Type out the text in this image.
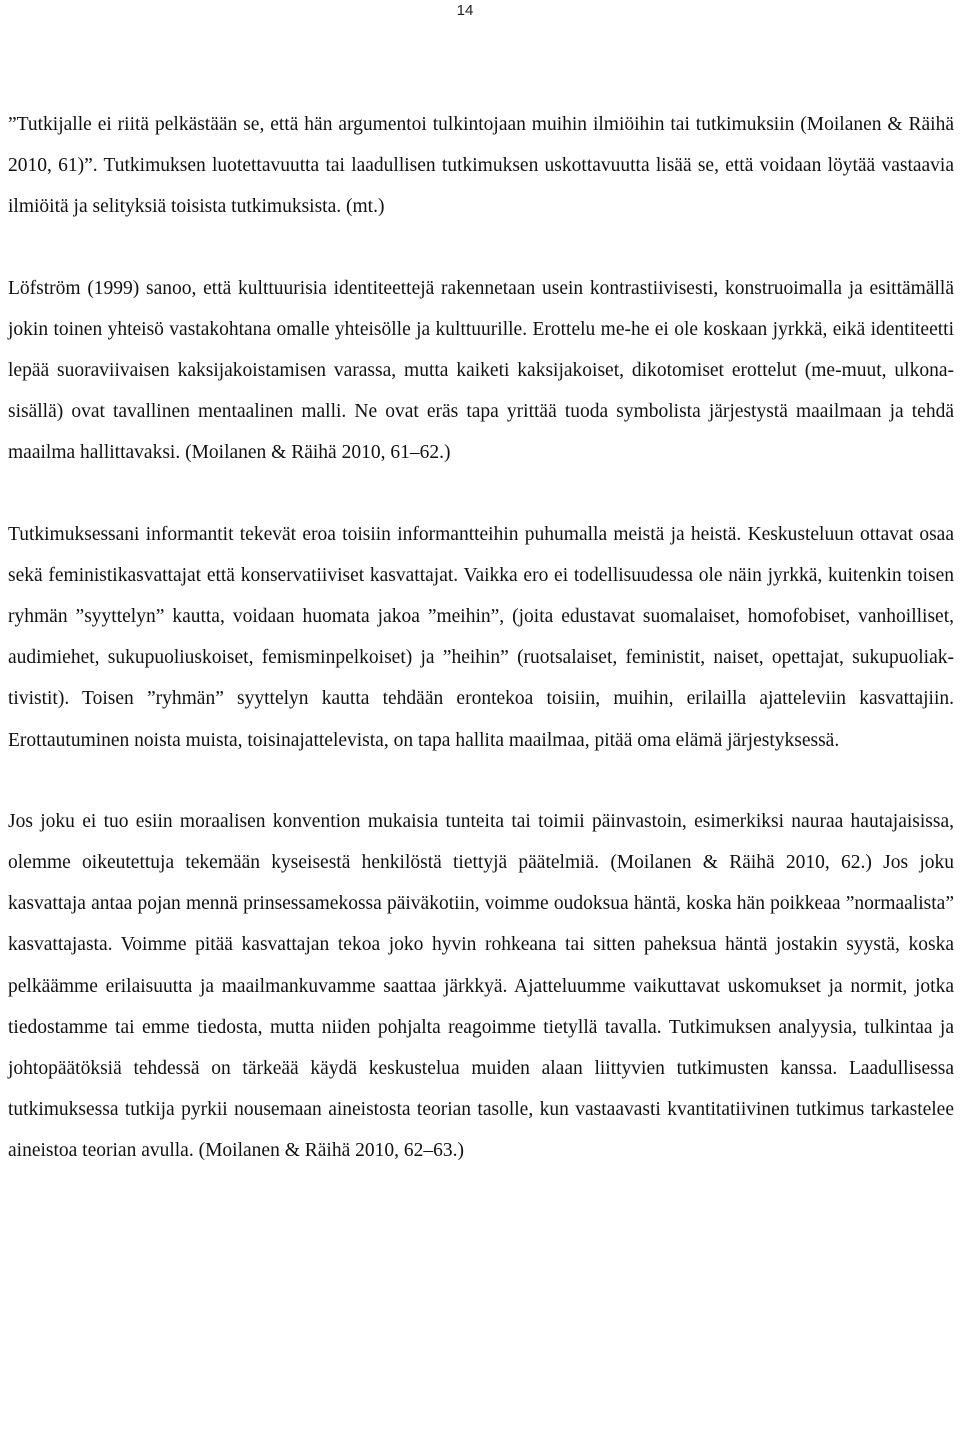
14

”Tutkijalle ei riitä pelkästään se, että hän argumentoi tulkintojaan muihin ilmiöihin tai tutkimuksiin (Moilanen & Räihä 2010, 61)”. Tutkimuksen luotettavuutta tai laadullisen tutkimuksen uskottavuutta lisää se, että voidaan löytää vastaavia ilmiöitä ja selityksiä toisista tutkimuksista. (mt.)

Löfström (1999) sanoo, että kulttuurisia identiteettejä rakennetaan usein kontrastiivisesti, konstruoimalla ja esittämällä jokin toinen yhteisö vastakohtana omalle yhteisölle ja kulttuurille. Erottelu me-he ei ole koskaan jyrkkä, eikä identiteetti lepää suoraviivaisen kaksijakoistamisen varassa, mutta kaiketi kaksijakoiset, dikotomiset erottelut (me-muut, ulkona-sisällä) ovat tavallinen mentaalinen malli. Ne ovat eräs tapa yrittää tuoda symbolista järjestystä maailmaan ja tehdä maailma hallittavaksi. (Moilanen & Räihä 2010, 61–62.)

Tutkimuksessani informantit tekevät eroa toisiin informantteihin puhumalla meistä ja heistä. Keskusteluun ottavat osaa sekä feministikasvattajat että konservatiiviset kasvattajat. Vaikka ero ei todellisuudessa ole näin jyrkkä, kuitenkin toisen ryhmän ”syyttelyn” kautta, voidaan huomata jakoa ”meihin”, (joita edustavat suomalaiset, homofobiset, vanhoilliset, audimiehet, sukupuoliuskoiset, femisminpelkoiset) ja ”heihin” (ruotsalaiset, feministit, naiset, opettajat, sukupuoliaktivistit). Toisen ”ryhmän” syyttelyn kautta tehdään erontekoa toisiin, muihin, erilailla ajatteleviin kasvattajiin. Erottautuminen noista muista, toisinajattelevista, on tapa hallita maailmaa, pitää oma elämä järjestyksessä.

Jos joku ei tuo esiin moraalisen konvention mukaisia tunteita tai toimii päinvastoin, esimerkiksi nauraa hautajaisissa, olemme oikeutettuja tekemään kyseisestä henkilöstä tiettyjä päätelmiä. (Moilanen & Räihä 2010, 62.) Jos joku kasvattaja antaa pojan mennä prinsessamekossa päiväkotiin, voimme oudoksua häntä, koska hän poikkeaa ”normaalista” kasvattajasta. Voimme pitää kasvattajan tekoa joko hyvin rohkeana tai sitten paheksua häntä jostakin syystä, koska pelkäämme erilaisuutta ja maailmankuvamme saattaa järkkyä. Ajatteluumme vaikuttavat uskomukset ja normit, jotka tiedostamme tai emme tiedosta, mutta niiden pohjalta reagoimme tietyllä tavalla. Tutkimuksen analyysia, tulkintaa ja johtopäätöksiä tehdessä on tärkeää käydä keskustelua muiden alaan liittyvien tutkimusten kanssa. Laadullisessa tutkimuksessa tutkija pyrkii nousemaan aineistosta teorian tasolle, kun vastaavasti kvantitatiivinen tutkimus tarkastelee aineistoa teorian avulla. (Moilanen & Räihä 2010, 62–63.)
